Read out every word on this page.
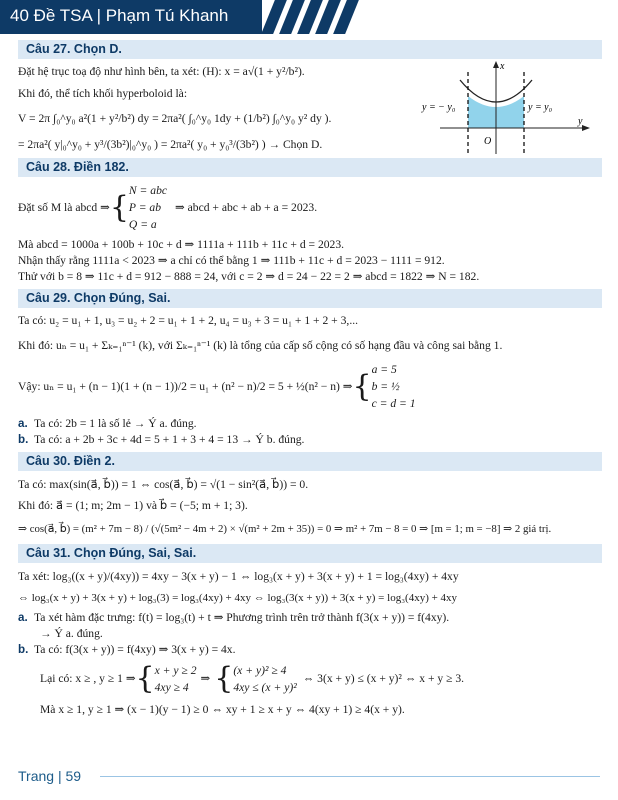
40 Đề TSA | Phạm Tú Khanh
y = − y₀	y = y₀
x
y
O
Câu 27. Chọn D.
Đặt hệ trục toạ độ như hình bên, ta xét: (H): x = a√(1 + y²/b²).
Khi đó, thể tích khối hyperboloid là:
V = 2π ∫₀^y₀ a²(1 + y²/b²) dy = 2πa²( ∫₀^y₀ 1dy + (1/b²) ∫₀^y₀ y² dy ).
= 2πa²( y|₀^y₀ + y³/(3b²)|₀^y₀ ) = 2πa²( y₀ + y₀³/(3b²) ) → Chọn D.
Câu 28. Điền 182.
Đặt số M là abcd ⇒ { N = abc
P = ab
Q = a
⇒ abcd + abc + ab + a = 2023.
Mà abcd = 1000a + 100b + 10c + d ⇒ 1111a + 111b + 11c + d = 2023.
Nhận thấy rằng 1111a < 2023 ⇒ a chỉ có thể bằng 1 ⇒ 111b + 11c + d = 2023 − 1111 = 912.
Thử với b = 8 ⇒ 11c + d = 912 − 888 = 24, với c = 2 ⇒ d = 24 − 22 = 2 ⇒ abcd = 1822 ⇒ N = 182.
Câu 29. Chọn Đúng, Sai.
Ta có: u₂ = u₁ + 1, u₃ = u₂ + 2 = u₁ + 1 + 2, u₄ = u₃ + 3 = u₁ + 1 + 2 + 3,...
Khi đó: uₙ = u₁ + Σₖ₌₁ⁿ⁻¹ (k), với Σₖ₌₁ⁿ⁻¹ (k) là tổng của cấp số cộng có số hạng đầu và công sai bằng 1.
Vậy: uₙ = u₁ + (n − 1)(1 + (n − 1))/2 = u₁ + (n² − n)/2 = 5 + ½(n² − n) ⇒ { a = 5
b = ½
c = d = 1
a. Ta có: 2b = 1 là số lẻ → Ý a. đúng.
b. Ta có: a + 2b + 3c + 4d = 5 + 1 + 3 + 4 = 13 → Ý b. đúng.
Câu 30. Điền 2.
Ta có: max(sin(a⃗, b⃗)) = 1 ⇔ cos(a⃗, b⃗) = √(1 − sin²(a⃗, b⃗)) = 0.
Khi đó: a⃗ = (1; m; 2m − 1) và b⃗ = (−5; m + 1; 3).
⇒ cos(a⃗, b⃗) = (m² + 7m − 8) / (√(5m² − 4m + 2) × √(m² + 2m + 35)) = 0 ⇒ m² + 7m − 8 = 0 ⇒ [m = 1; m = −8] ⇒ 2 giá trị.
Câu 31. Chọn Đúng, Sai, Sai.
Ta xét: log₃((x + y)/(4xy)) = 4xy − 3(x + y) − 1 ⇔ log₃(x + y) + 3(x + y) + 1 = log₃(4xy) + 4xy
⇔ log₃(x + y) + 3(x + y) + log₃(3) = log₃(4xy) + 4xy ⇔ log₃(3(x + y)) + 3(x + y) = log₃(4xy) + 4xy
a. Ta xét hàm đặc trưng: f(t) = log₃(t) + t ⇒ Phương trình trên trở thành f(3(x + y)) = f(4xy).
→ Ý a. đúng.
b. Ta có: f(3(x + y)) = f(4xy) ⇒ 3(x + y) = 4x.
Lại có: x ≥ , y ≥ 1 ⇒ { x + y ≥ 2
4xy ≥ 4
⇒ { (x + y)² ≥ 4
4xy ≤ (x + y)²
⇔ 3(x + y) ≤ (x + y)² ⇔ x + y ≥ 3.
Mà x ≥ 1, y ≥ 1 ⇒ (x − 1)(y − 1) ≥ 0 ⇔ xy + 1 ≥ x + y ⇔ 4(xy + 1) ≥ 4(x + y).
Trang | 59
